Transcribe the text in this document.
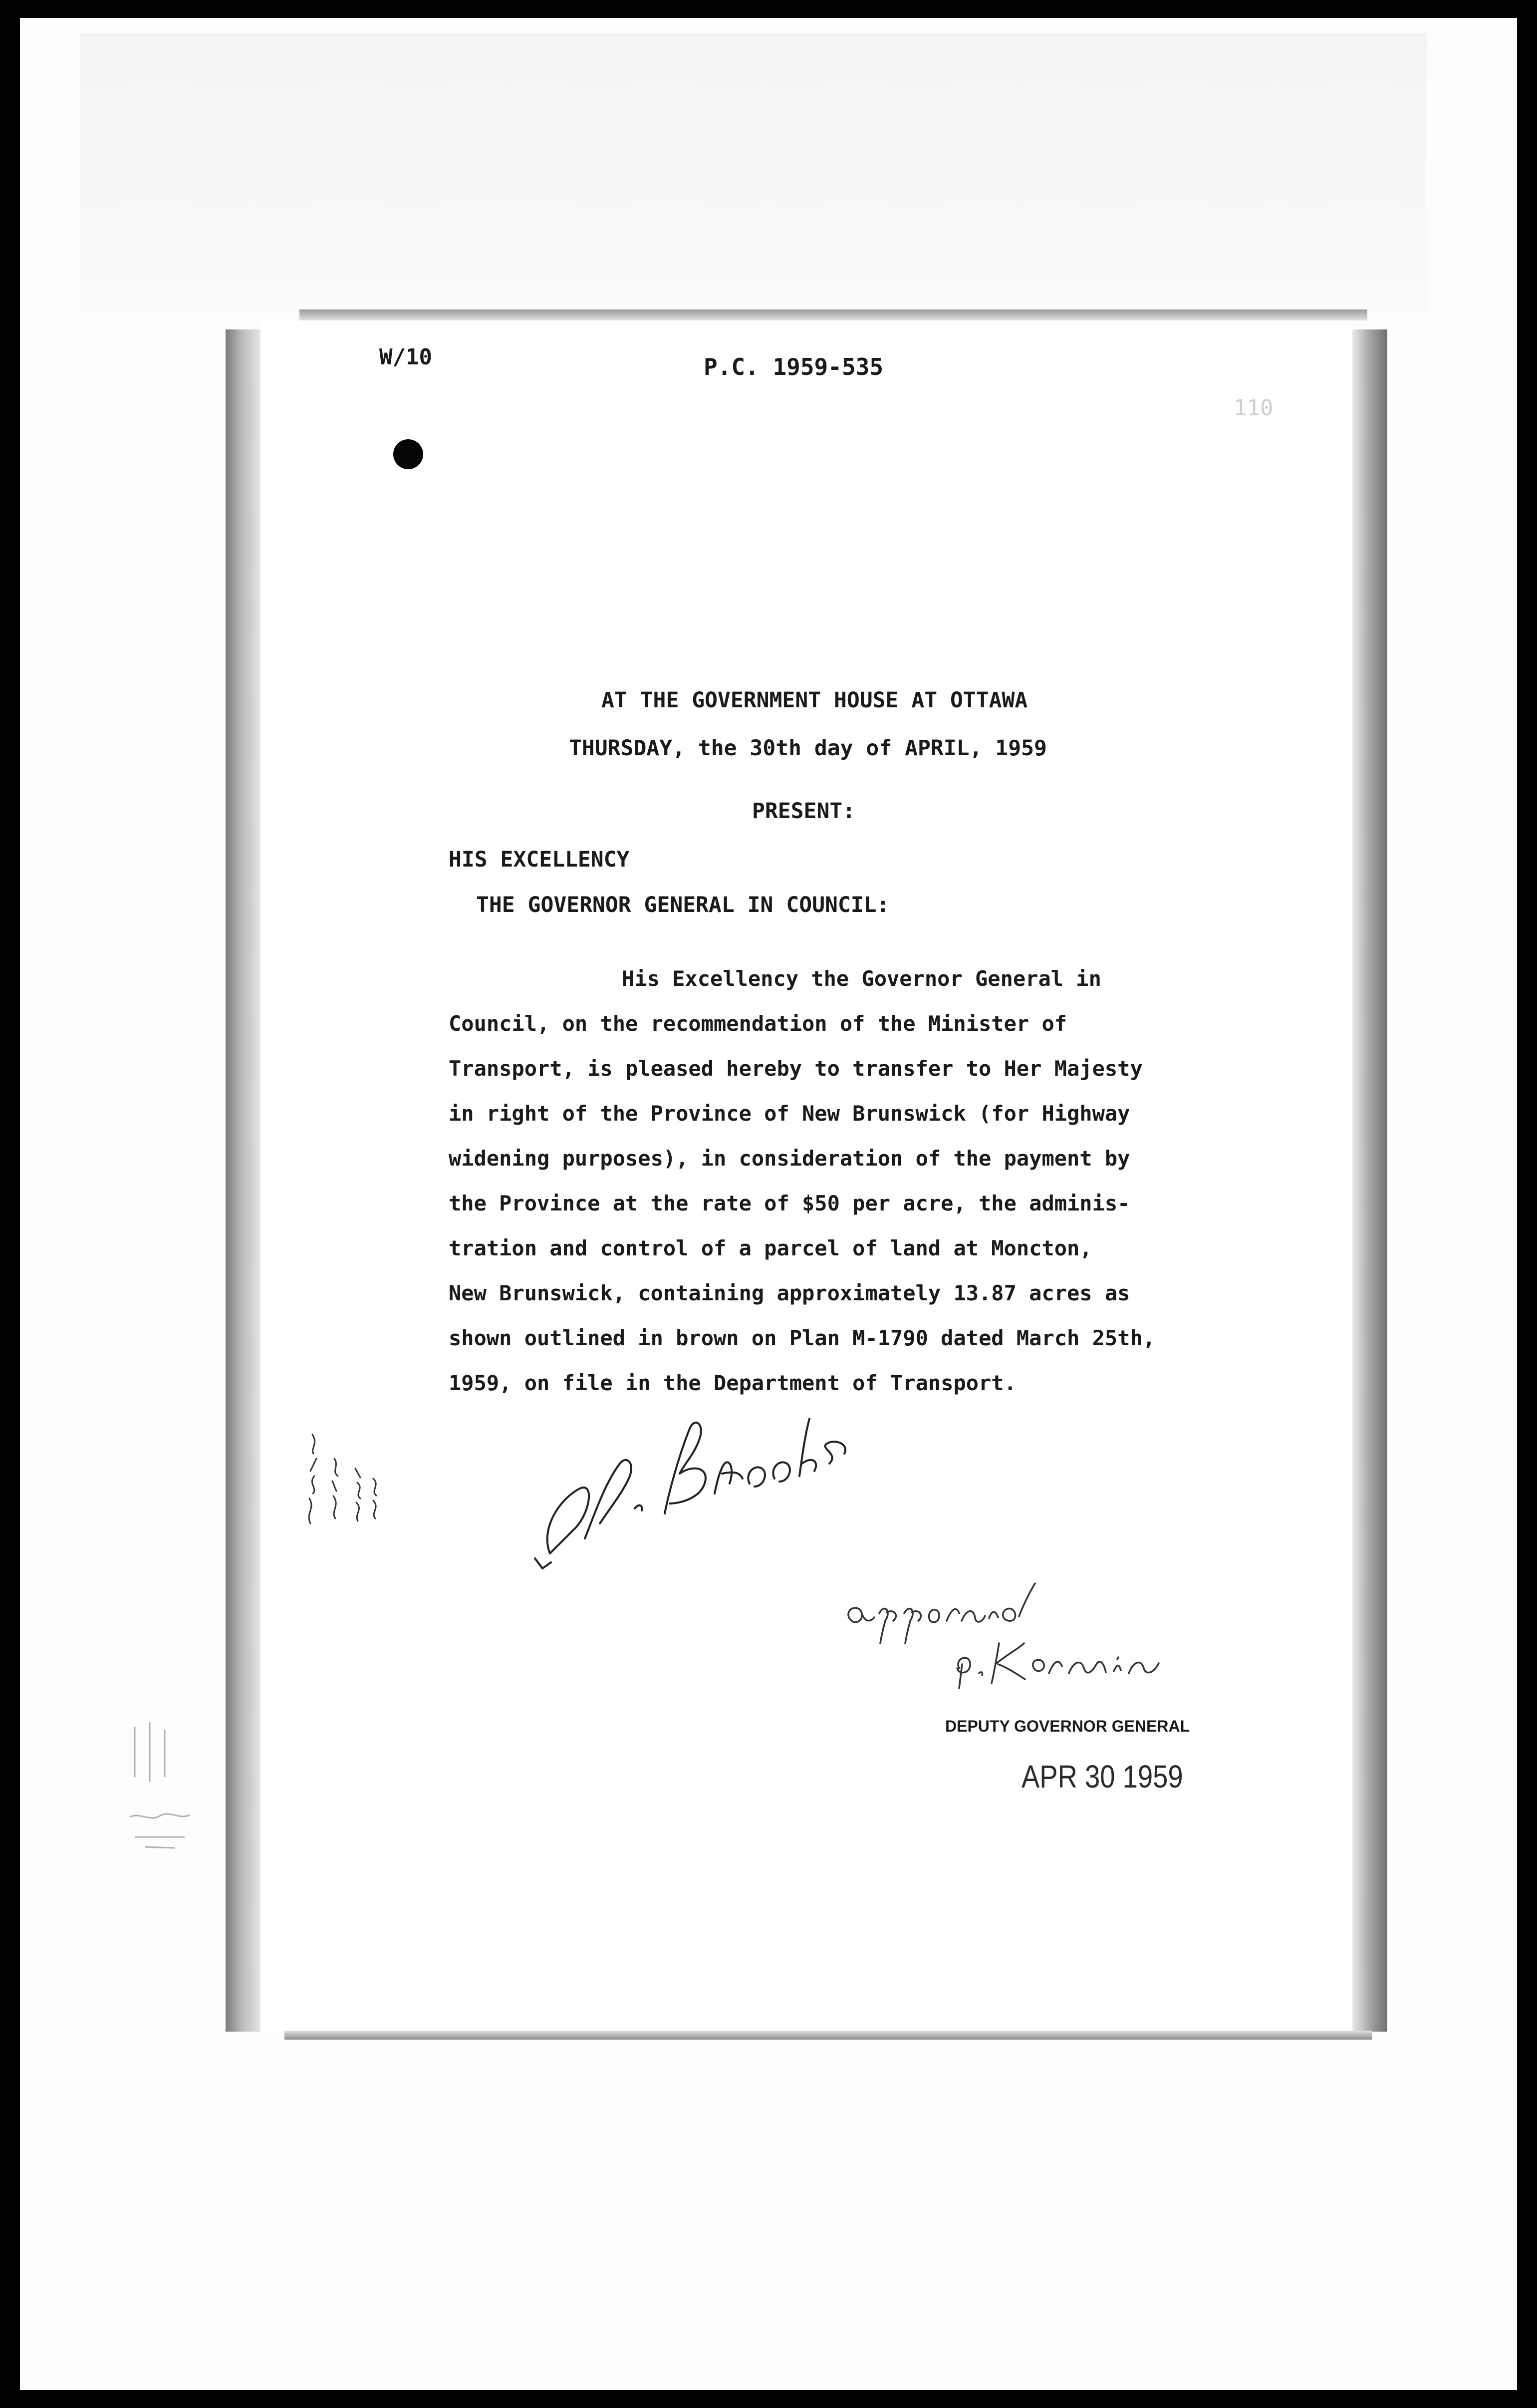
W/10	P.C. 1959-535
110
AT THE GOVERNMENT HOUSE AT OTTAWA
THURSDAY, the 30th day of APRIL, 1959
PRESENT:
HIS EXCELLENCY
THE GOVERNOR GENERAL IN COUNCIL:
His Excellency the Governor General in
Council, on the recommendation of the Minister of
Transport, is pleased hereby to transfer to Her Majesty
in right of the Province of New Brunswick (for Highway
widening purposes), in consideration of the payment by
the Province at the rate of $50 per acre, the adminis-
tration and control of a parcel of land at Moncton,
New Brunswick, containing approximately 13.87 acres as
shown outlined in brown on Plan M-1790 dated March 25th,
1959, on file in the Department of Transport.
DEPUTY GOVERNOR GENERAL
APR 30 1959
